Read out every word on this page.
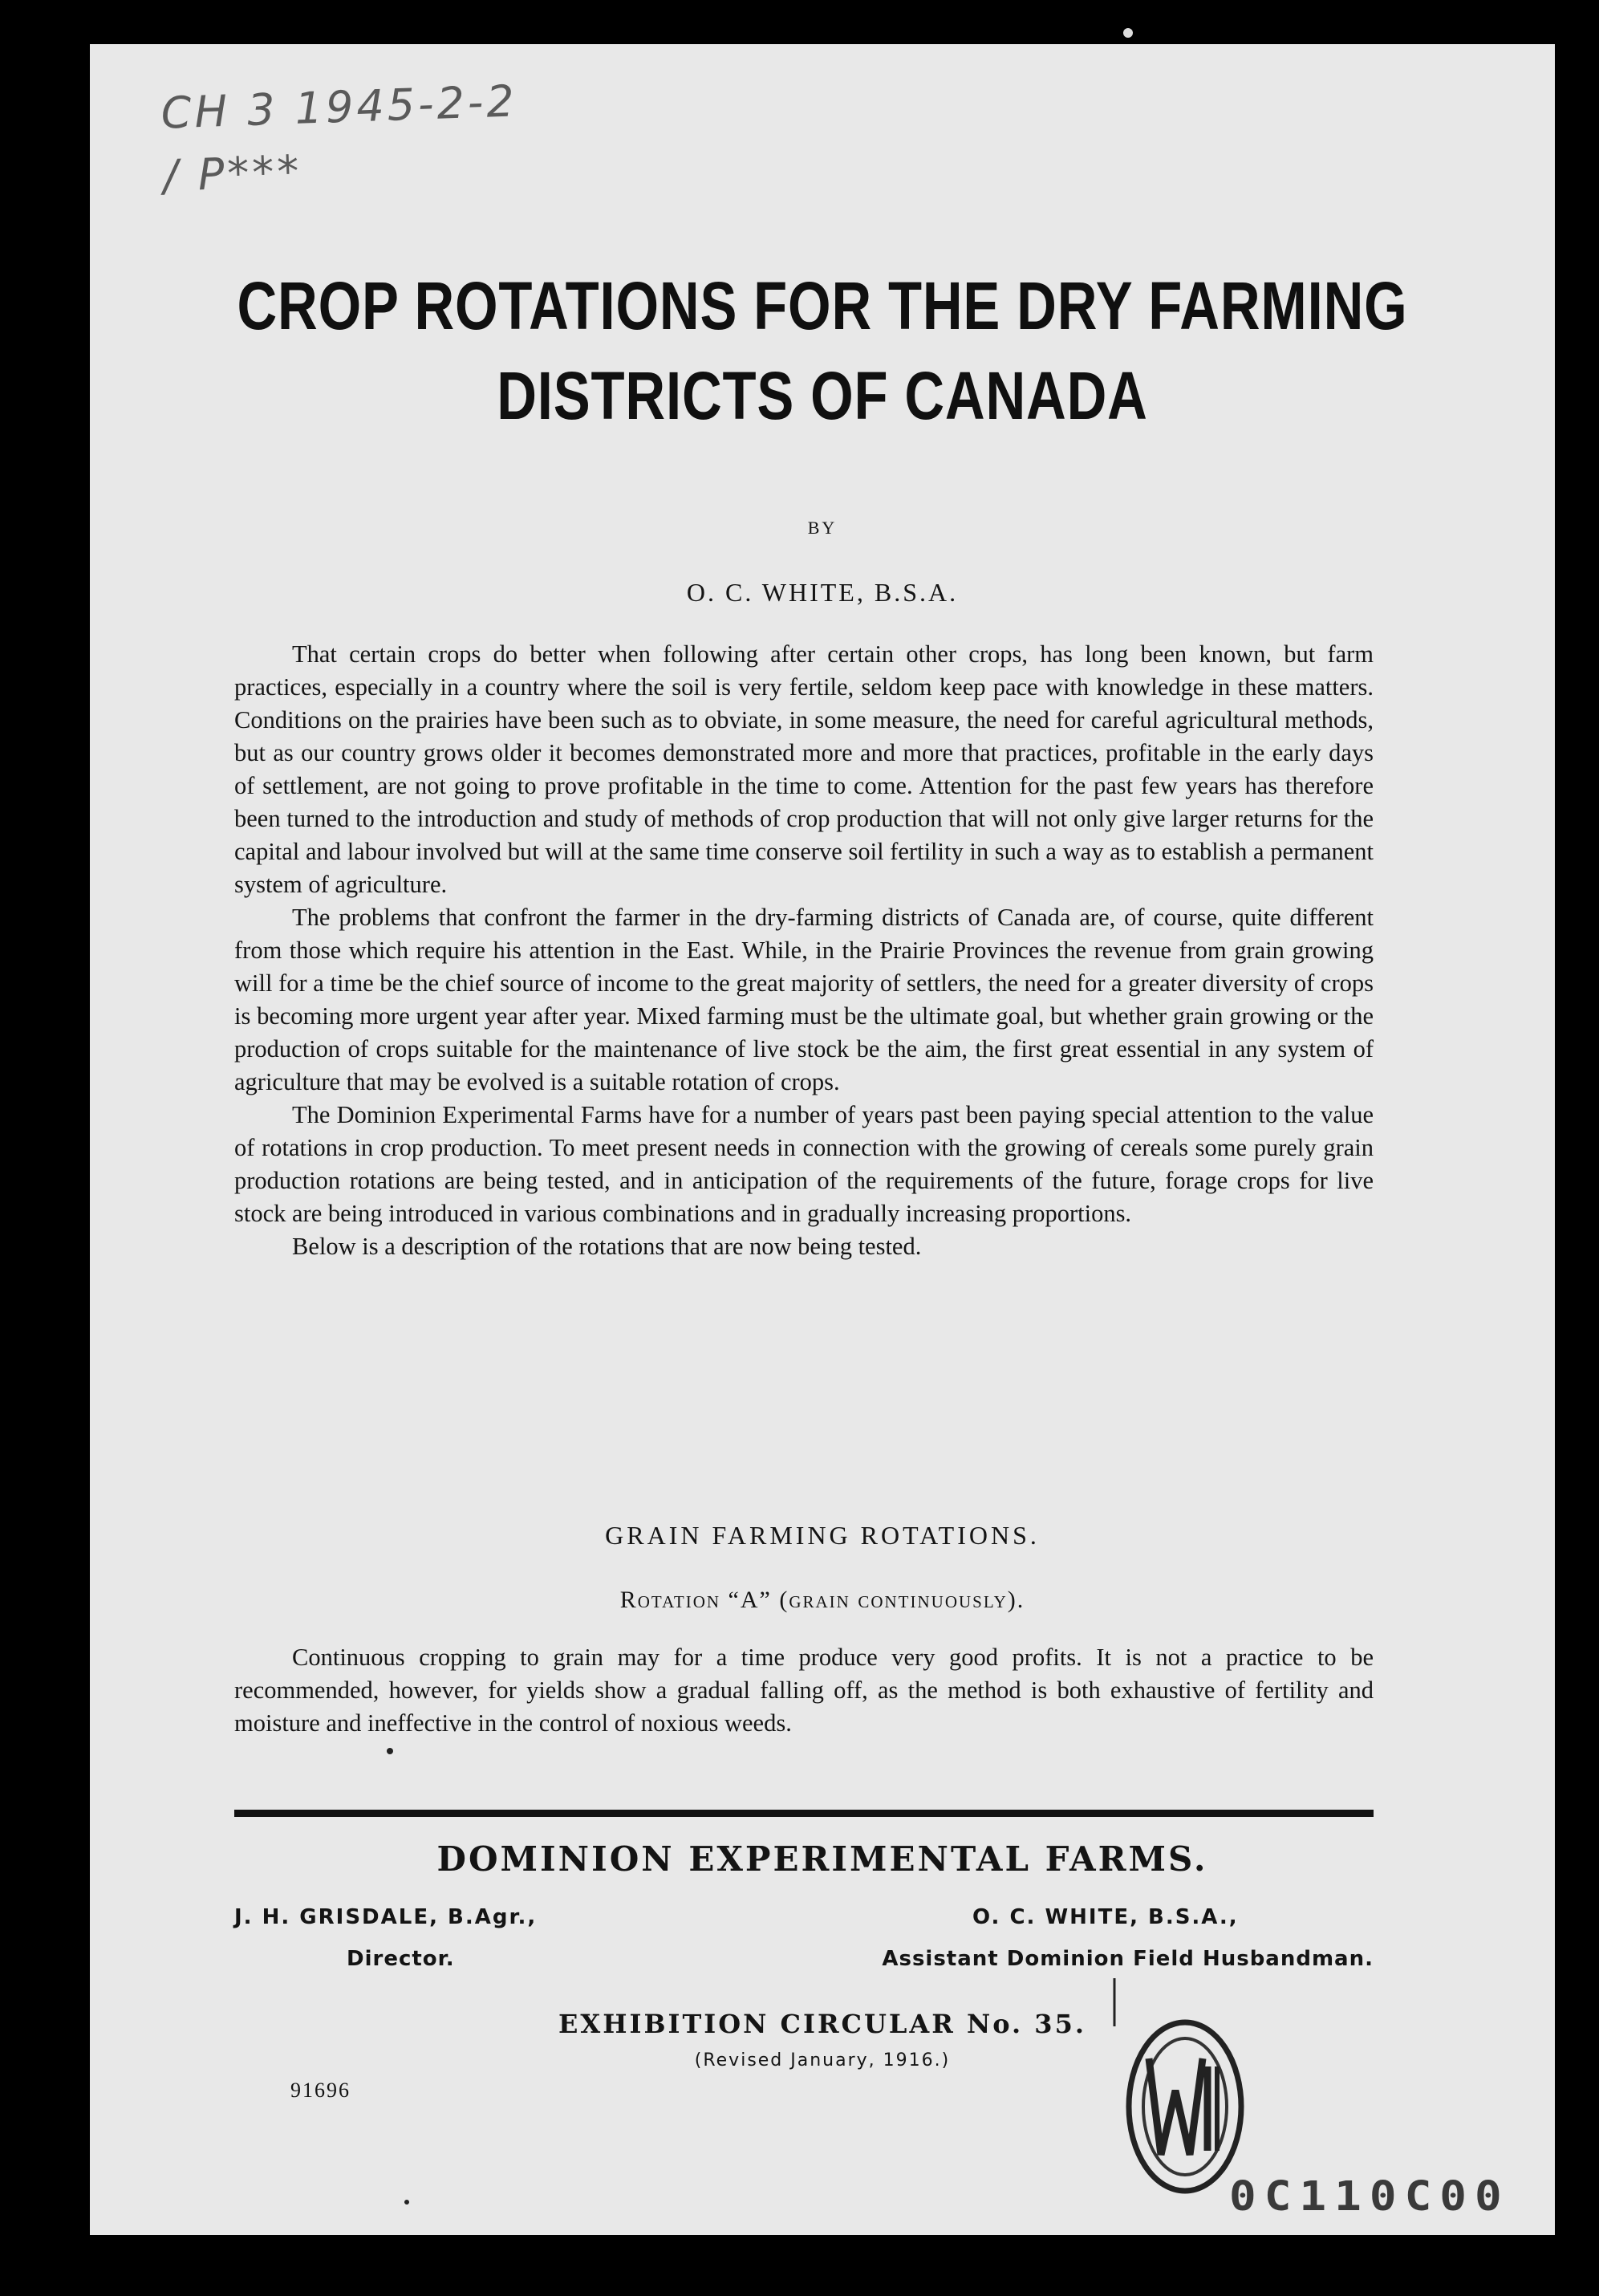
CH 3 1945-2-2
/ P***
CROP ROTATIONS FOR THE DRY FARMING
DISTRICTS OF CANADA
BY
O. C. WHITE, B.S.A.

That certain crops do better when following after certain other crops, has long been known, but farm practices, especially in a country where the soil is very fertile, seldom keep pace with knowledge in these matters. Conditions on the prairies have been such as to obviate, in some measure, the need for careful agricultural methods, but as our country grows older it becomes demonstrated more and more that practices, profitable in the early days of settlement, are not going to prove profitable in the time to come. Attention for the past few years has therefore been turned to the introduction and study of methods of crop production that will not only give larger returns for the capital and labour involved but will at the same time conserve soil fertility in such a way as to establish a permanent system of agriculture.

The problems that confront the farmer in the dry-farming districts of Canada are, of course, quite different from those which require his attention in the East. While, in the Prairie Provinces the revenue from grain growing will for a time be the chief source of income to the great majority of settlers, the need for a greater diversity of crops is becoming more urgent year after year. Mixed farming must be the ultimate goal, but whether grain growing or the production of crops suitable for the maintenance of live stock be the aim, the first great essential in any system of agriculture that may be evolved is a suitable rotation of crops.

The Dominion Experimental Farms have for a number of years past been paying special attention to the value of rotations in crop production. To meet present needs in connection with the growing of cereals some purely grain production rotations are being tested, and in anticipation of the requirements of the future, forage crops for live stock are being introduced in various combinations and in gradually increasing proportions.

Below is a description of the rotations that are now being tested.

GRAIN FARMING ROTATIONS.
Rotation “A” (grain continuously).

Continuous cropping to grain may for a time produce very good profits. It is not a practice to be recommended, however, for yields show a gradual falling off, as the method is both exhaustive of fertility and moisture and ineffective in the control of noxious weeds.

DOMINION EXPERIMENTAL FARMS.
J. H. GRISDALE, B.Agr.,
Director.
O. C. WHITE, B.S.A.,
Assistant Dominion Field Husbandman.
EXHIBITION CIRCULAR No. 35.
(Revised January, 1916.)
91696
0C110C00
